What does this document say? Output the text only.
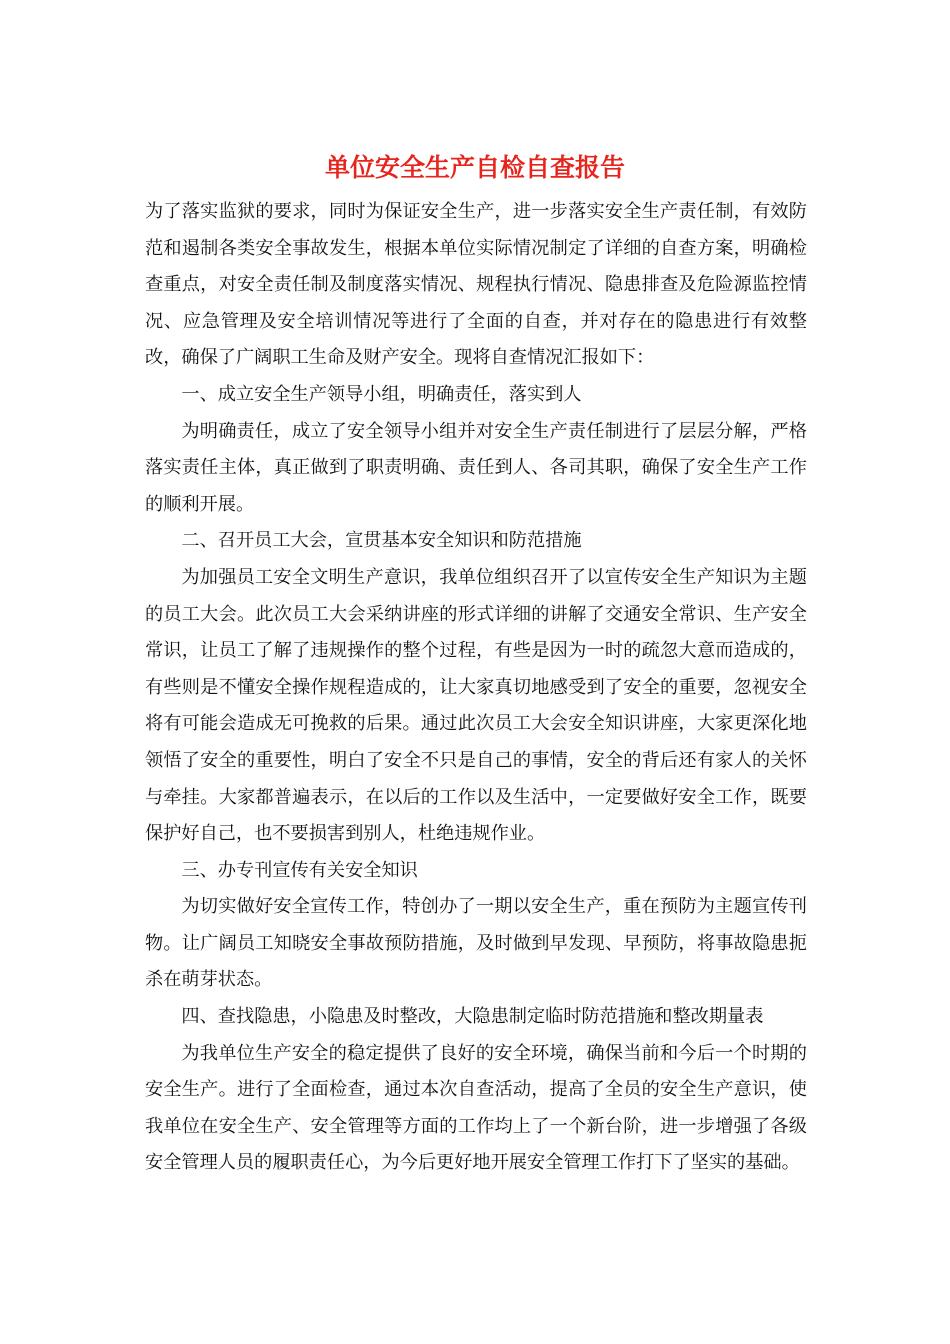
单位安全生产自检自查报告

为了落实监狱的要求，同时为保证安全生产，进一步落实安全生产责任制，有效防范和遏制各类安全事故发生，根据本单位实际情况制定了详细的自查方案，明确检查重点，对安全责任制及制度落实情况、规程执行情况、隐患排查及危险源监控情况、应急管理及安全培训情况等进行了全面的自查，并对存在的隐患进行有效整改，确保了广阔职工生命及财产安全。现将自查情况汇报如下：

一、成立安全生产领导小组，明确责任，落实到人

为明确责任，成立了安全领导小组并对安全生产责任制进行了层层分解，严格落实责任主体，真正做到了职责明确、责任到人、各司其职，确保了安全生产工作的顺利开展。

二、召开员工大会，宣贯基本安全知识和防范措施

为加强员工安全文明生产意识，我单位组织召开了以宣传安全生产知识为主题的员工大会。此次员工大会采纳讲座的形式详细的讲解了交通安全常识、生产安全常识，让员工了解了违规操作的整个过程，有些是因为一时的疏忽大意而造成的，有些则是不懂安全操作规程造成的，让大家真切地感受到了安全的重要，忽视安全将有可能会造成无可挽救的后果。通过此次员工大会安全知识讲座，大家更深化地领悟了安全的重要性，明白了安全不只是自己的事情，安全的背后还有家人的关怀与牵挂。大家都普遍表示，在以后的工作以及生活中，一定要做好安全工作，既要保护好自己，也不要损害到别人，杜绝违规作业。

三、办专刊宣传有关安全知识

为切实做好安全宣传工作，特创办了一期以安全生产，重在预防为主题宣传刊物。让广阔员工知晓安全事故预防措施，及时做到早发现、早预防，将事故隐患扼杀在萌芽状态。

四、查找隐患，小隐患及时整改，大隐患制定临时防范措施和整改期量表

为我单位生产安全的稳定提供了良好的安全环境，确保当前和今后一个时期的安全生产。进行了全面检查，通过本次自查活动，提高了全员的安全生产意识，使我单位在安全生产、安全管理等方面的工作均上了一个新台阶，进一步增强了各级安全管理人员的履职责任心，为今后更好地开展安全管理工作打下了坚实的基础。
